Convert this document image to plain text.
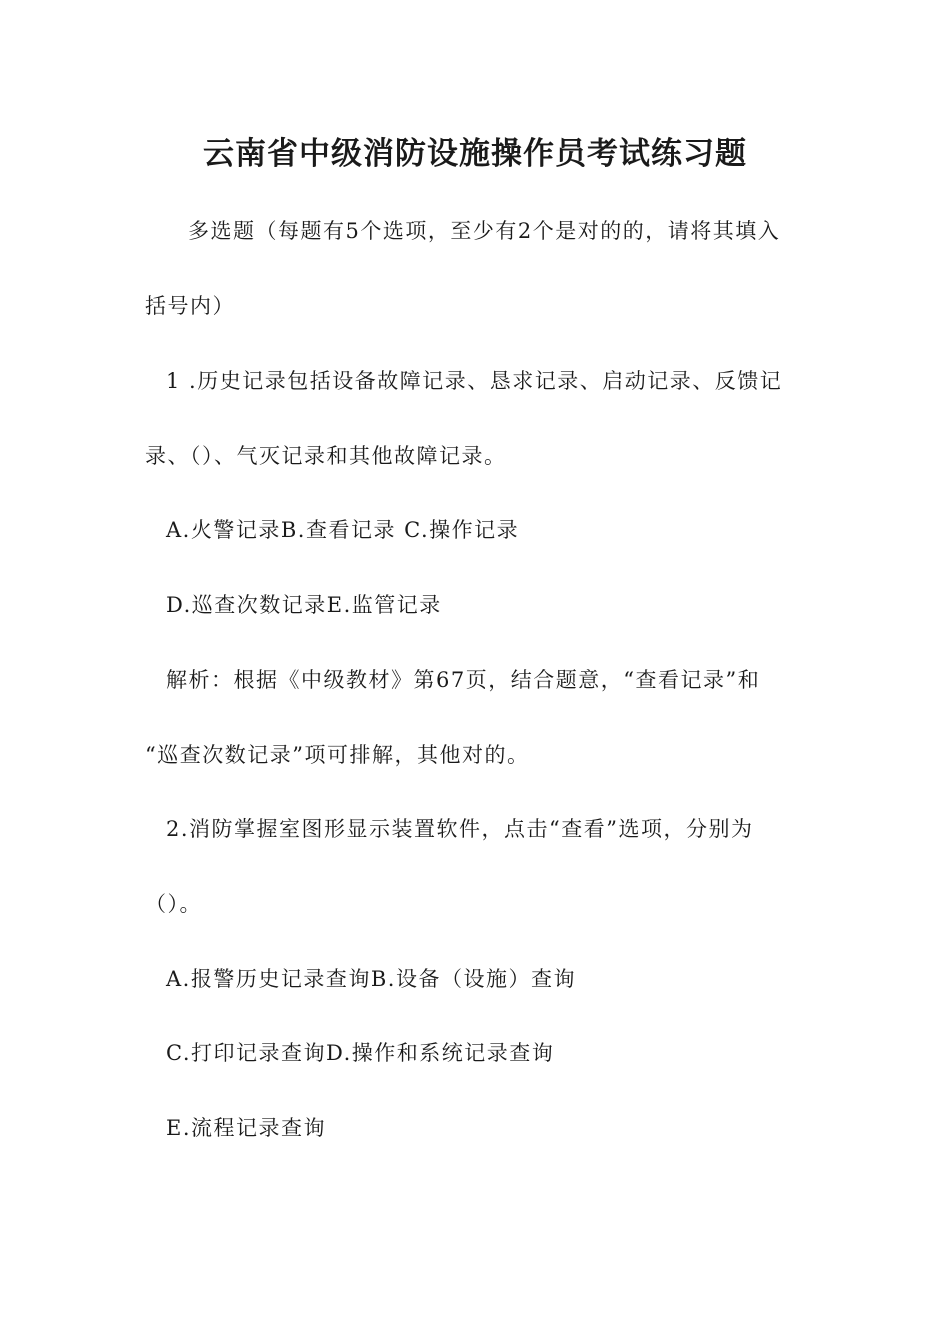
云南省中级消防设施操作员考试练习题
多选题（每题有5个选项，至少有2个是对的的，请将其填入
括号内）
1 .历史记录包括设备故障记录、恳求记录、启动记录、反馈记
录、（）、气灭记录和其他故障记录。
A.火警记录B.查看记录 C.操作记录
D.巡查次数记录E.监管记录
解析：根据《中级教材》第67页，结合题意，“查看记录”和
“巡查次数记录”项可排解，其他对的。
2.消防掌握室图形显示装置软件，点击“查看”选项，分别为
（）。
A.报警历史记录查询B.设备（设施）查询
C.打印记录查询D.操作和系统记录查询
E.流程记录查询
